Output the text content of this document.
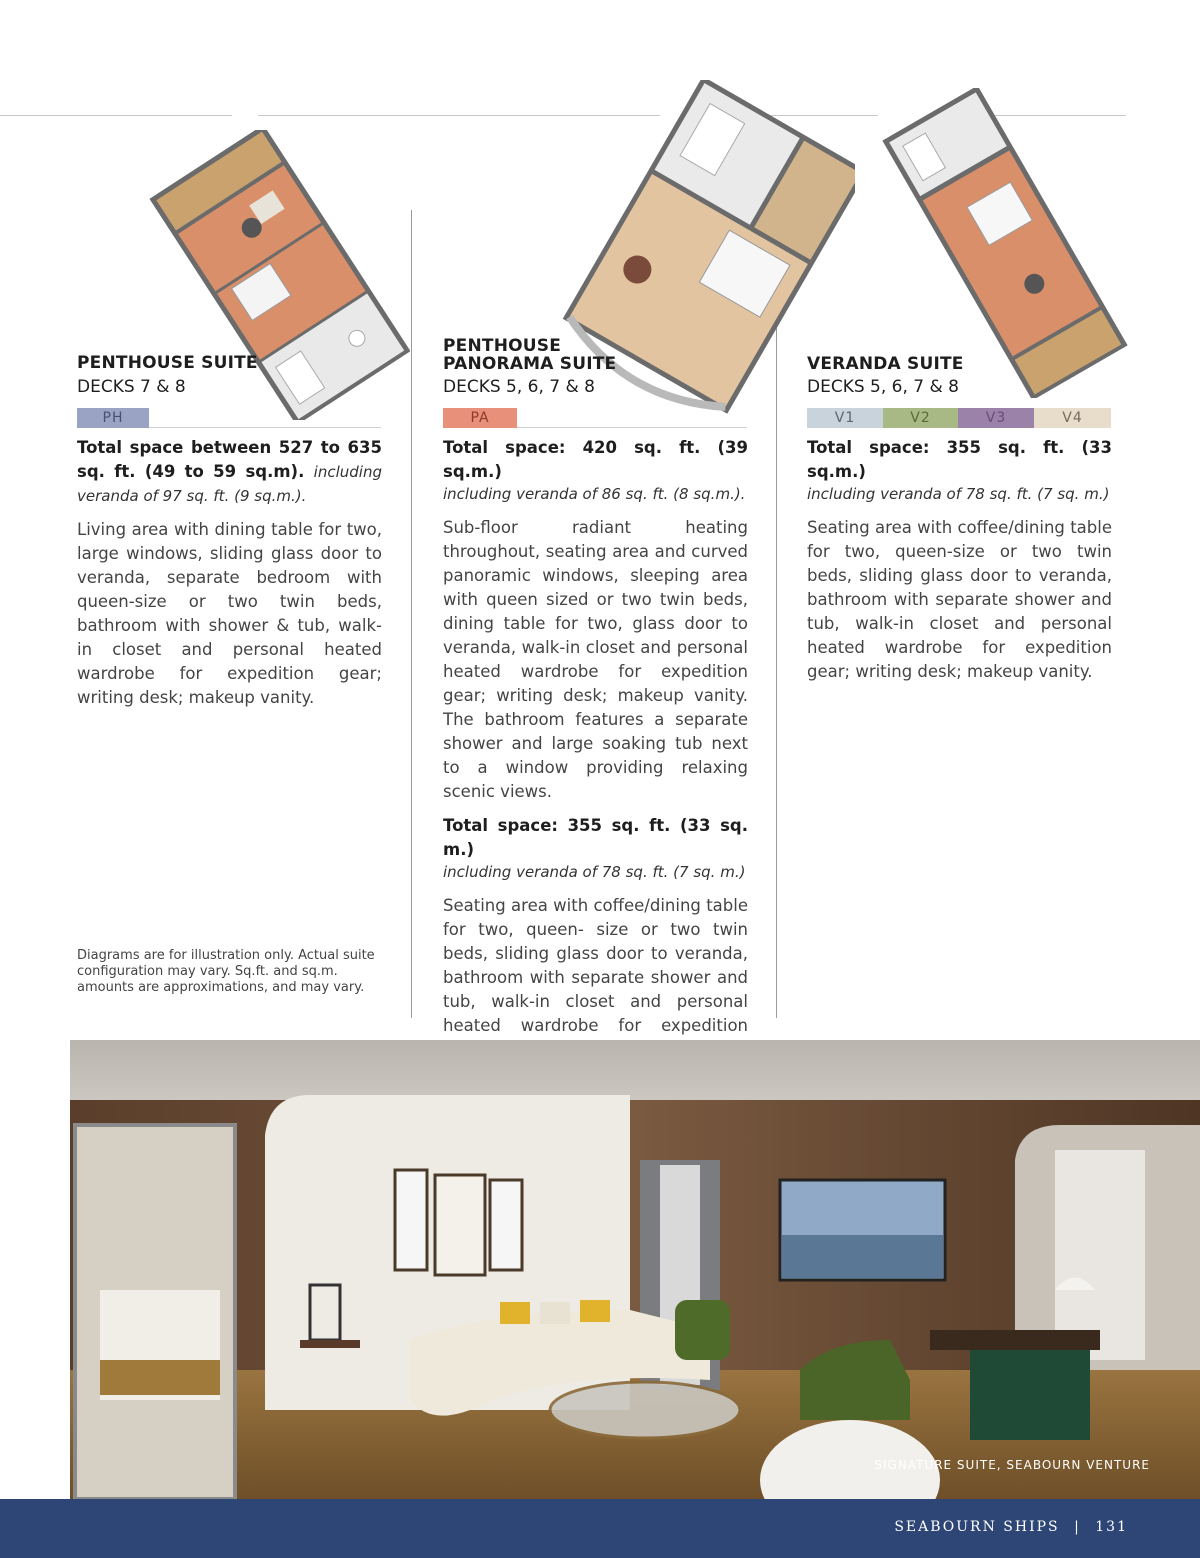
PENTHOUSE SUITE
DECKS 7 & 8
PH

Total space between 527 to 635 sq. ft. (49 to 59 sq.m). including veranda of 97 sq. ft. (9 sq.m.).

Living area with dining table for two, large windows, sliding glass door to veranda, separate bedroom with queen-size or two twin beds, bathroom with shower & tub, walk-in closet and personal heated wardrobe for expedition gear; writing desk; makeup vanity.

Diagrams are for illustration only. Actual suite configuration may vary. Sq.ft. and sq.m. amounts are approximations, and may vary.
PENTHOUSE
PANORAMA SUITE
DECKS 5, 6, 7 & 8
PA

Total space: 420 sq. ft. (39 sq.m.)

including veranda of 86 sq. ft. (8 sq.m.).

Sub-floor radiant heating throughout, seating area and curved panoramic windows, sleeping area with queen sized or two twin beds, dining table for two, glass door to veranda, walk-in closet and personal heated wardrobe for expedition gear; writing desk; makeup vanity. The bathroom features a separate shower and large soaking tub next to a window providing relaxing scenic views.

Total space: 355 sq. ft. (33 sq. m.)

including veranda of 78 sq. ft. (7 sq. m.)

Seating area with coffee/dining table for two, queen- size or two twin beds, sliding glass door to veranda, bathroom with separate shower and tub, walk-in closet and personal heated wardrobe for expedition

VERANDA SUITE
DECKS 5, 6, 7 & 8
V1	V2	V3	V4

Total space: 355 sq. ft. (33 sq.m.)

including veranda of 78 sq. ft. (7 sq. m.)

Seating area with coffee/dining table for two, queen-size or two twin beds, sliding glass door to veranda, bathroom with separate shower and tub, walk-in closet and personal heated wardrobe for expedition gear; writing desk; makeup vanity.

SIGNATURE SUITE, SEABOURN VENTURE
SEABOURN SHIPS | 131
